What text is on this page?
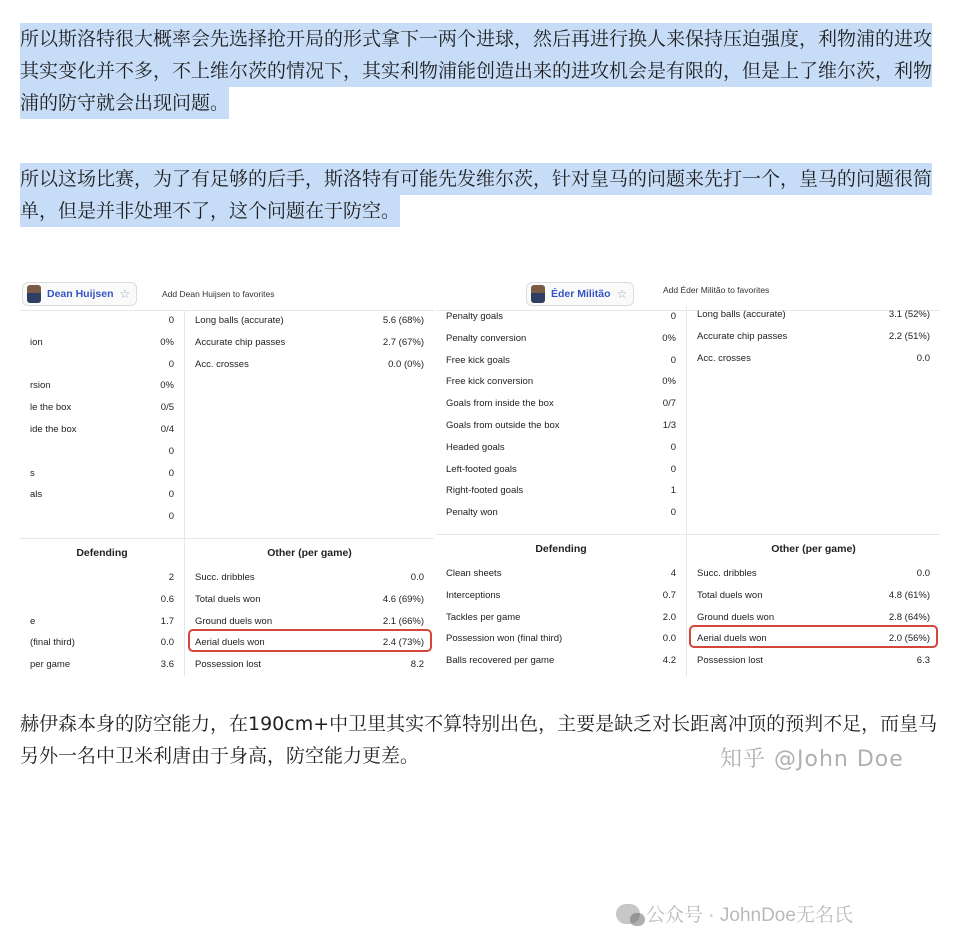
所以斯洛特很大概率会先选择抢开局的形式拿下一两个进球，然后再进行换人来保持压迫强度，利物浦的进攻其实变化并不多，不上维尔茨的情况下，其实利物浦能创造出来的进攻机会是有限的，但是上了维尔茨，利物浦的防守就会出现问题。

所以这场比赛，为了有足够的后手，斯洛特有可能先发维尔茨，针对皇马的问题来先打一个，皇马的问题很简单，但是并非处理不了，这个问题在于防空。

Dean Huijsen ☆	Add Dean Huijsen to favorites
0
ion	0%
0
rsion	0%
le the box	0/5
ide the box	0/4
0
s	0
als	0
0
Long balls (accurate)	5.6 (68%)
Accurate chip passes	2.7 (67%)
Acc. crosses	0.0 (0%)
Defending
2
0.6
e	1.7
(final third)	0.0
per game	3.6
Other (per game)
Succ. dribbles	0.0
Total duels won	4.6 (69%)
Ground duels won	2.1 (66%)
Aerial duels won	2.4 (73%)
Possession lost	8.2
Éder Militão ☆	Add Éder Militão to favorites
Penalty goals	0
Penalty conversion	0%
Free kick goals	0
Free kick conversion	0%
Goals from inside the box	0/7
Goals from outside the box	1/3
Headed goals	0
Left-footed goals	0
Right-footed goals	1
Penalty won	0
Long balls (accurate)	3.1 (52%)
Accurate chip passes	2.2 (51%)
Acc. crosses	0.0
Defending
Clean sheets	4
Interceptions	0.7
Tackles per game	2.0
Possession won (final third)	0.0
Balls recovered per game	4.2
Other (per game)
Succ. dribbles	0.0
Total duels won	4.8 (61%)
Ground duels won	2.8 (64%)
Aerial duels won	2.0 (56%)
Possession lost	6.3
公众号 · JohnDoe无名氏

赫伊森本身的防空能力，在190cm+中卫里其实不算特别出色，主要是缺乏对长距离冲顶的预判不足，而皇马另外一名中卫米利唐由于身高，防空能力更差。	知乎 @John Doe
